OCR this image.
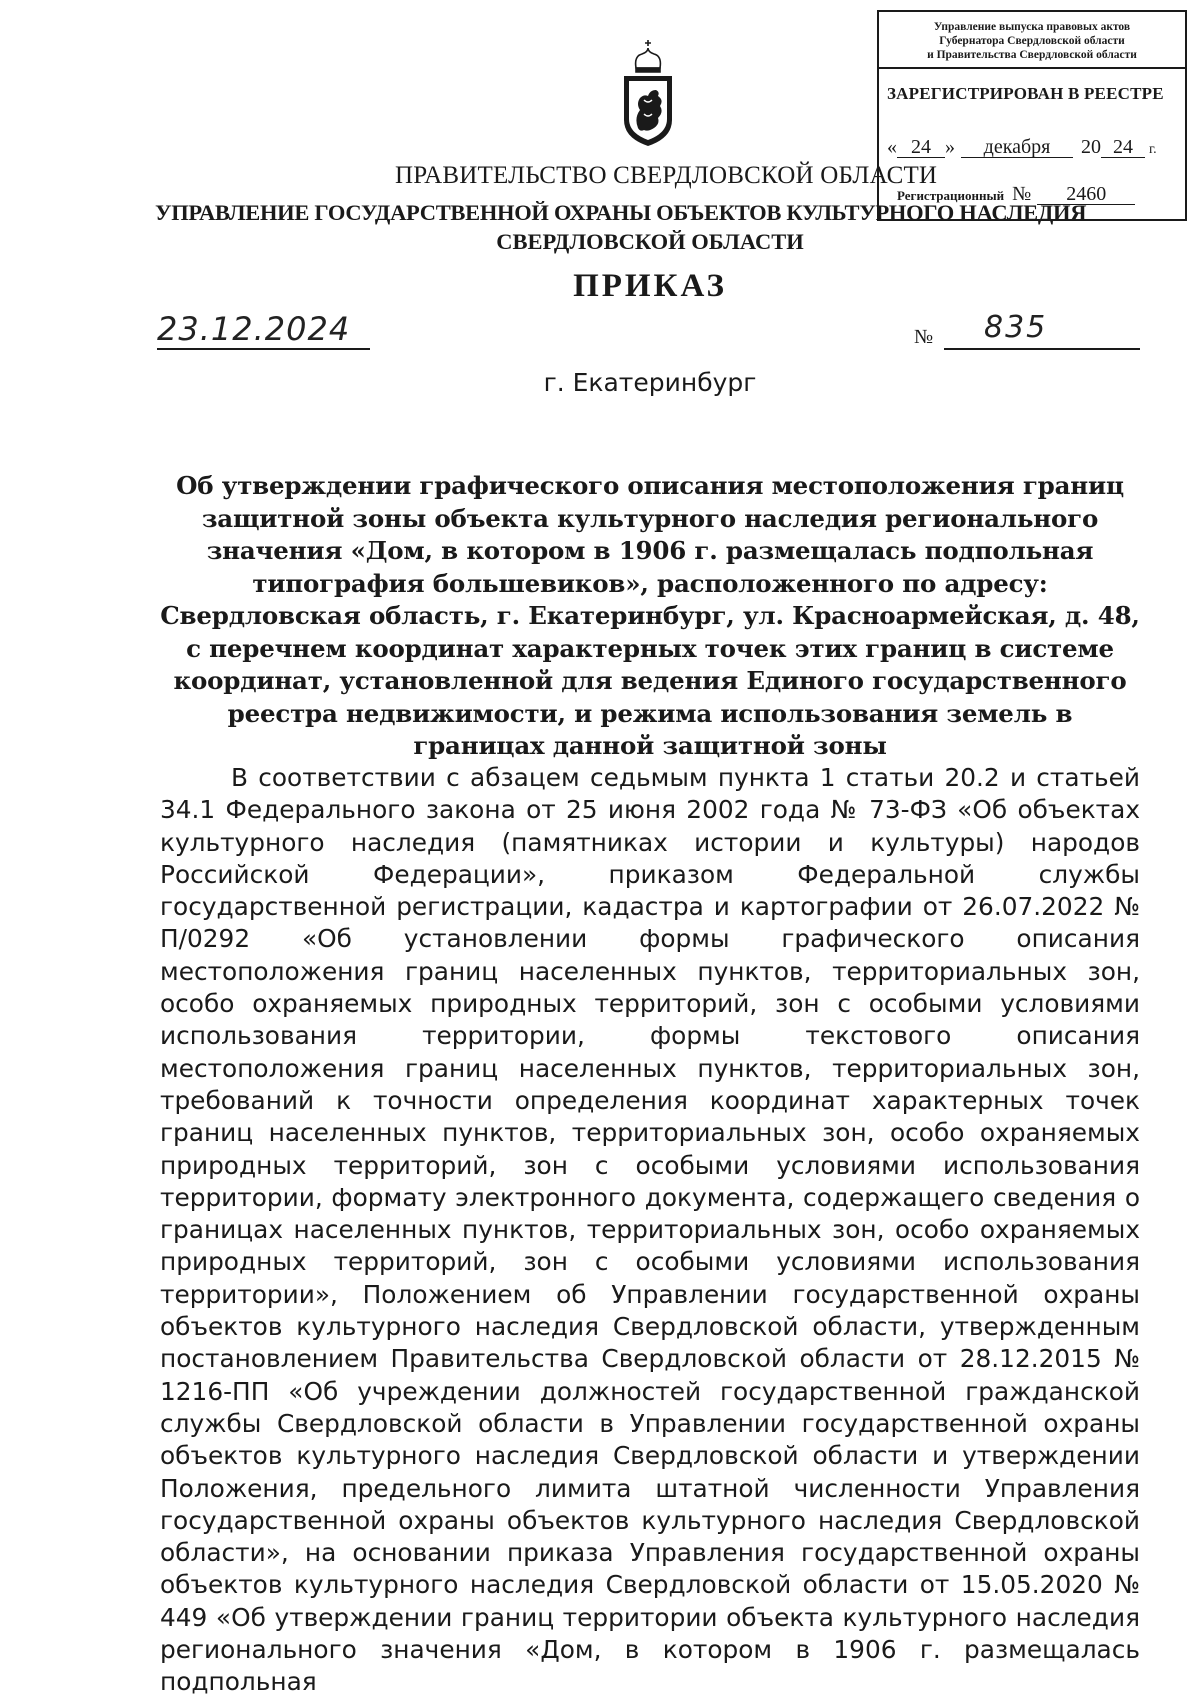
Управление выпуска правовых актов
Губернатора Свердловской области
и Правительства Свердловской области
ЗАРЕГИСТРИРОВАН В РЕЕСТРЕ
« 24 » декабря 20 24 г.
Регистрационный № 2460
ПРАВИТЕЛЬСТВО СВЕРДЛОВСКОЙ ОБЛАСТИ
УПРАВЛЕНИЕ ГОСУДАРСТВЕННОЙ ОХРАНЫ ОБЪЕКТОВ КУЛЬТУРНОГО НАСЛЕДИЯ
СВЕРДЛОВСКОЙ ОБЛАСТИ
ПРИКАЗ
23.12.2024	№ 835
г. Екатеринбург
Об утверждении графического описания местоположения границ защитной зоны объекта культурного наследия регионального значения «Дом, в котором в 1906 г. размещалась подпольная типография большевиков», расположенного по адресу: Свердловская область, г. Екатеринбург, ул. Красноармейская, д. 48, с перечнем координат характерных точек этих границ в системе координат, установленной для ведения Единого государственного реестра недвижимости, и режима использования земель в границах данной защитной зоны
В соответствии с абзацем седьмым пункта 1 статьи 20.2 и статьей 34.1 Федерального закона от 25 июня 2002 года № 73-ФЗ «Об объектах культурного наследия (памятниках истории и культуры) народов Российской Федерации», приказом Федеральной службы государственной регистрации, кадастра и картографии от 26.07.2022 № П/0292 «Об установлении формы графического описания местоположения границ населенных пунктов, территориальных зон, особо охраняемых природных территорий, зон с особыми условиями использования территории, формы текстового описания местоположения границ населенных пунктов, территориальных зон, требований к точности определения координат характерных точек границ населенных пунктов, территориальных зон, особо охраняемых природных территорий, зон с особыми условиями использования территории, формату электронного документа, содержащего сведения о границах населенных пунктов, территориальных зон, особо охраняемых природных территорий, зон с особыми условиями использования территории», Положением об Управлении государственной охраны объектов культурного наследия Свердловской области, утвержденным постановлением Правительства Свердловской области от 28.12.2015 № 1216-ПП «Об учреждении должностей государственной гражданской службы Свердловской области в Управлении государственной охраны объектов культурного наследия Свердловской области и утверждении Положения, предельного лимита штатной численности Управления государственной охраны объектов культурного наследия Свердловской области», на основании приказа Управления государственной охраны объектов культурного наследия Свердловской области от 15.05.2020 № 449 «Об утверждении границ территории объекта культурного наследия регионального значения «Дом, в котором в 1906 г. размещалась подпольная
